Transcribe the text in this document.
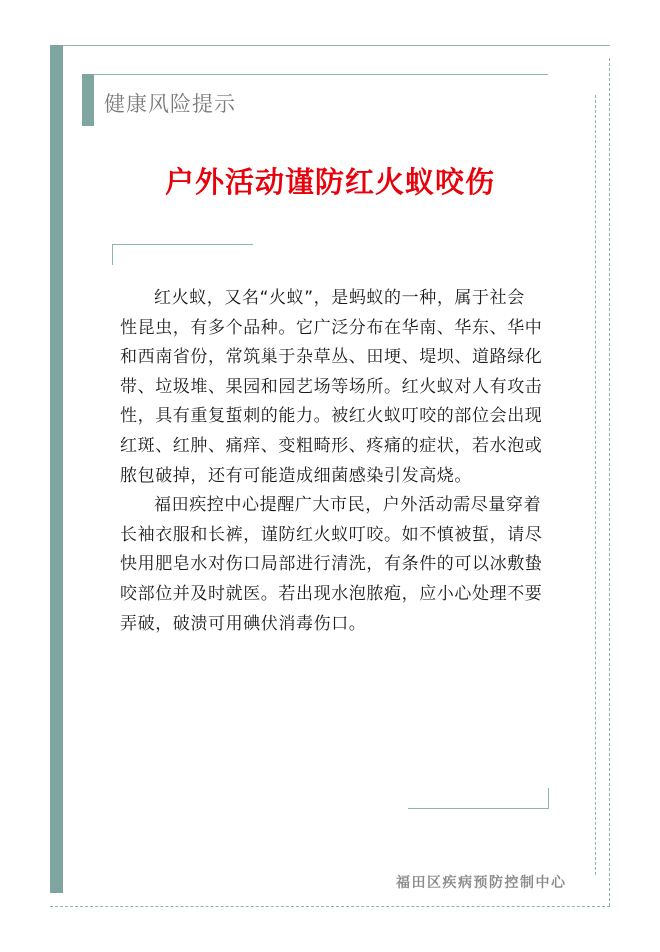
健康风险提示
户外活动谨防红火蚁咬伤
红火蚁，又名“火蚁”，是蚂蚁的一种，属于社会
性昆虫，有多个品种。它广泛分布在华南、华东、华中
和西南省份，常筑巢于杂草丛、田埂、堤坝、道路绿化
带、垃圾堆、果园和园艺场等场所。红火蚁对人有攻击
性，具有重复蜇刺的能力。被红火蚁叮咬的部位会出现
红斑、红肿、痛痒、变粗畸形、疼痛的症状，若水泡或
脓包破掉，还有可能造成细菌感染引发高烧。
福田疾控中心提醒广大市民，户外活动需尽量穿着
长袖衣服和长裤，谨防红火蚁叮咬。如不慎被蜇，请尽
快用肥皂水对伤口局部进行清洗，有条件的可以冰敷蛰
咬部位并及时就医。若出现水泡脓疱，应小心处理不要
弄破，破溃可用碘伏消毒伤口。
福田区疾病预防控制中心
